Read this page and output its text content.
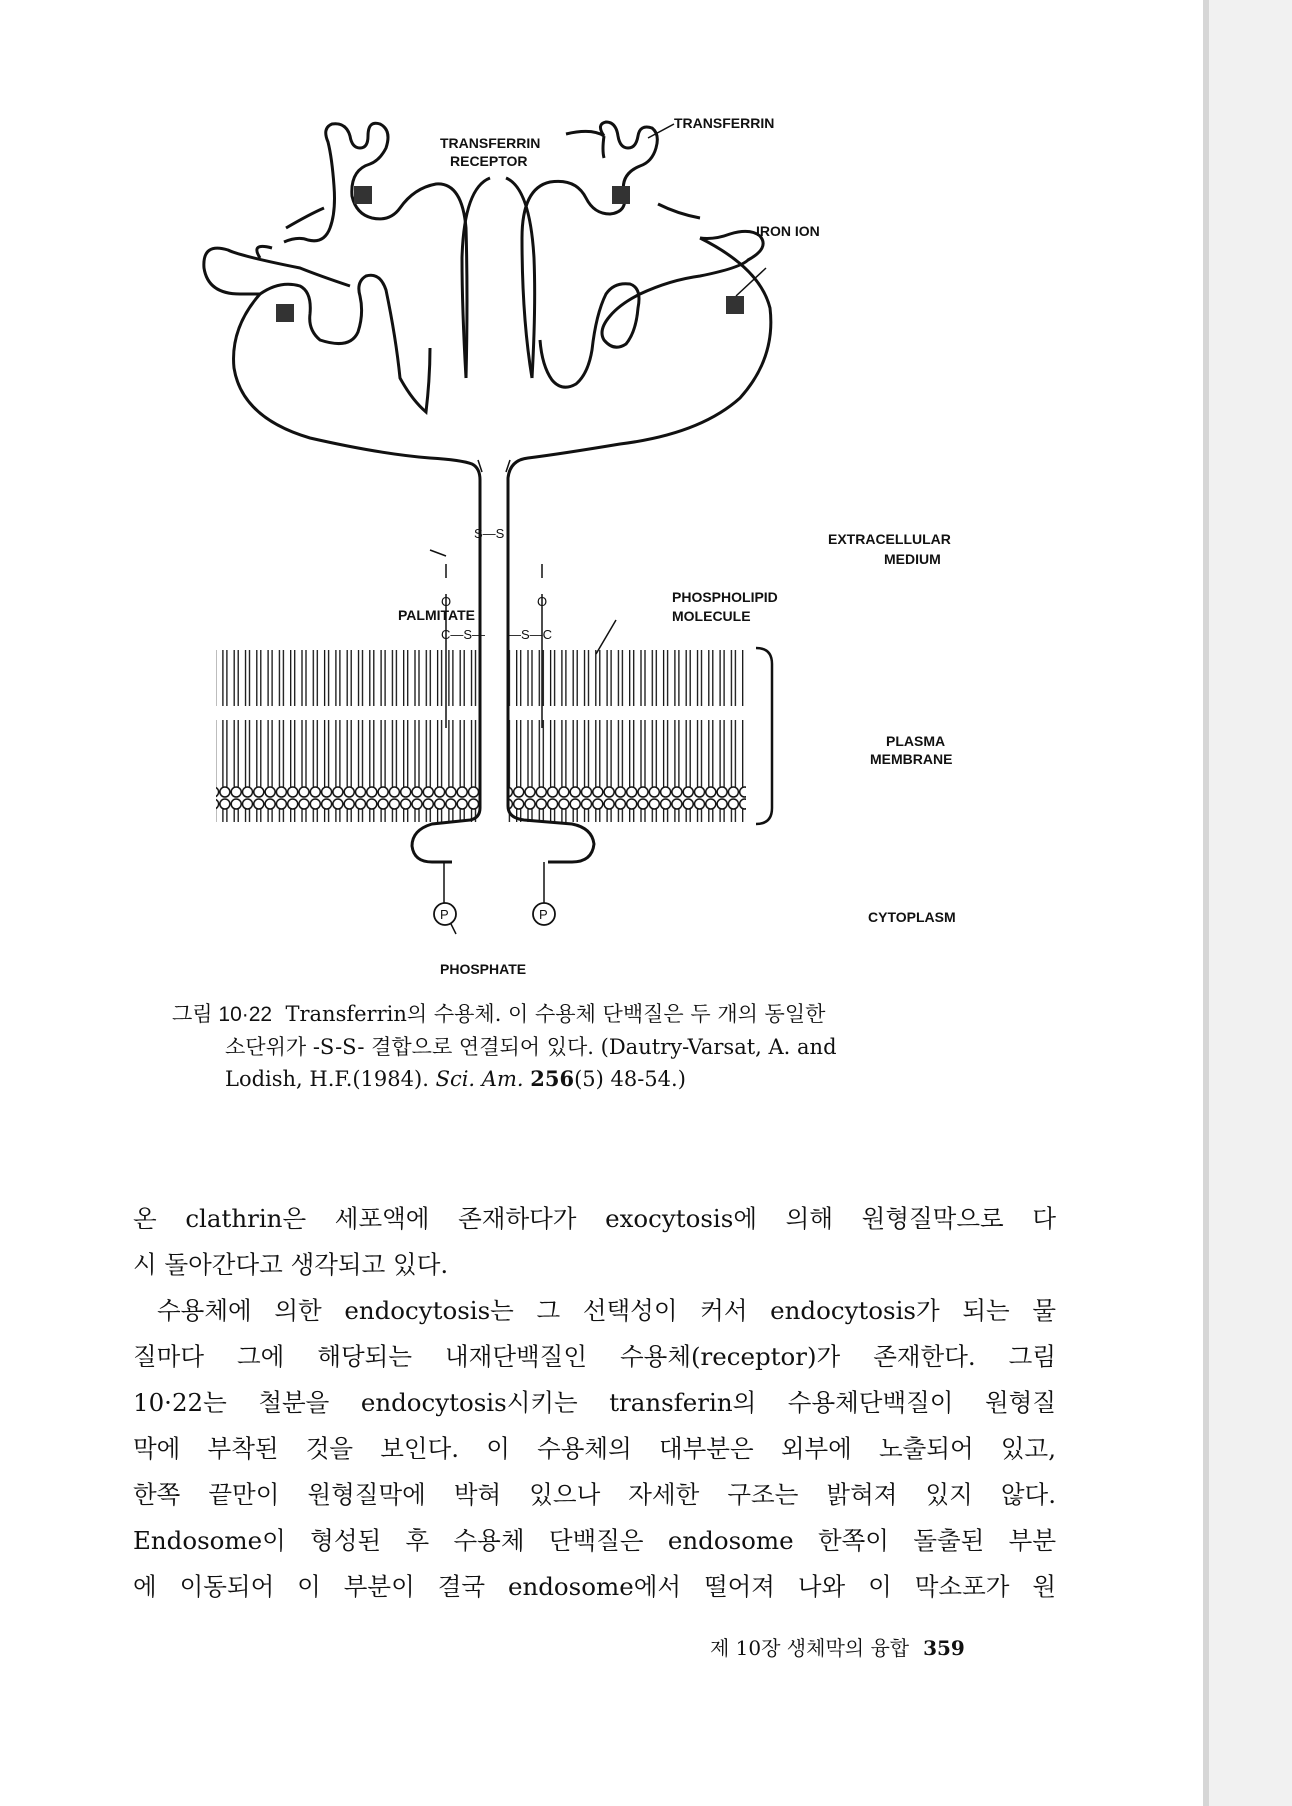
P	P
TRANSFERRIN
RECEPTOR
TRANSFERRIN
IRON ION
S—S	EXTRACELLULAR
MEDIUM
PALMITATE
PHOSPHOLIPID
MOLECULE
O
C—S—
O
—S—C
PLASMA
MEMBRANE
CYTOPLASM
PHOSPHATE
그림 10·22 Transferrin의 수용체. 이 수용체 단백질은 두 개의 동일한
소단위가 -S-S- 결합으로 연결되어 있다. (Dautry-Varsat, A. and
Lodish, H.F.(1984). Sci. Am. 256(5) 48-54.)

온 clathrin은 세포액에 존재하다가 exocytosis에 의해 원형질막으로 다

시 돌아간다고 생각되고 있다.

수용체에 의한 endocytosis는 그 선택성이 커서 endocytosis가 되는 물

질마다 그에 해당되는 내재단백질인 수용체(receptor)가 존재한다. 그림

10·22는 철분을 endocytosis시키는 transferin의 수용체단백질이 원형질

막에 부착된 것을 보인다. 이 수용체의 대부분은 외부에 노출되어 있고,

한쪽 끝만이 원형질막에 박혀 있으나 자세한 구조는 밝혀져 있지 않다.

Endosome이 형성된 후 수용체 단백질은 endosome 한쪽이 돌출된 부분

에 이동되어 이 부분이 결국 endosome에서 떨어져 나와 이 막소포가 원

제 10장 생체막의 융합 359
